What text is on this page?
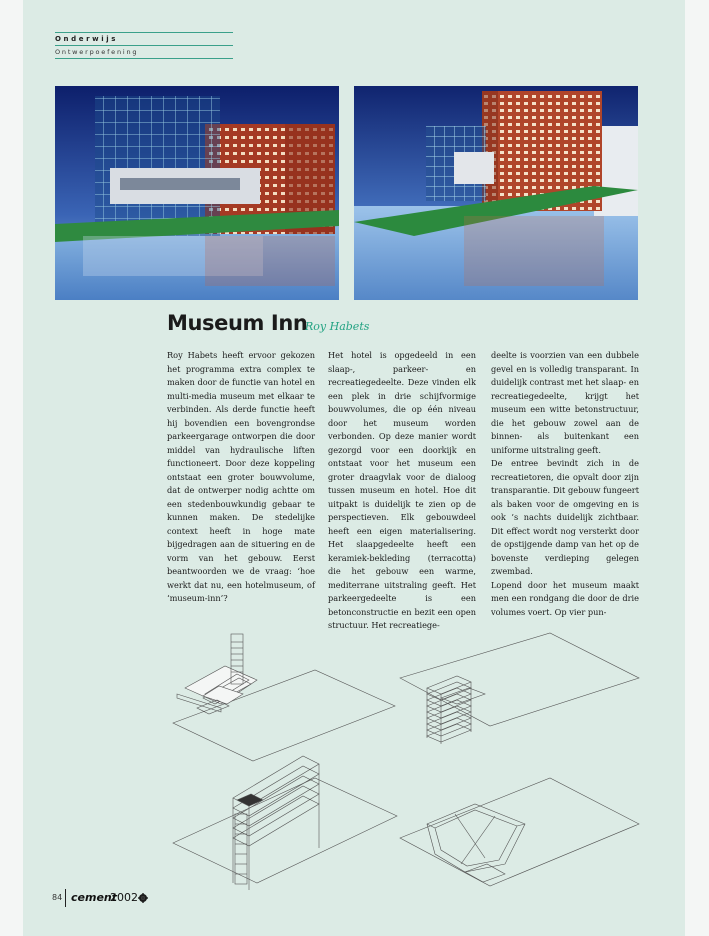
Onderwijs
Ontwerpoefening
Museum Inn
Roy Habets

Roy Habets heeft ervoor gekozen het programma extra complex te maken door de functie van hotel en multi-media museum met elkaar te verbinden. Als derde functie heeft hij bovendien een bovengrondse parkeergarage ontworpen die door middel van hydraulische liften functioneert. Door deze koppeling ontstaat een groter bouwvolume, dat de ontwerper nodig achtte om een stedenbouwkundig gebaar te kunnen maken. De stedelijke context heeft in hoge mate bijgedragen aan de situering en de vorm van het gebouw. Eerst beantwoorden we de vraag: ‘hoe werkt dat nu, een hotelmuseum, of ‘museum-inn’?

Het hotel is opgedeeld in een slaap-, parkeer- en recreatiegedeelte. Deze vinden elk een plek in drie schijfvormige bouwvolumes, die op één niveau door het museum worden verbonden. Op deze manier wordt gezorgd voor een doorkijk en ontstaat voor het museum een groter draagvlak voor de dialoog tussen museum en hotel. Hoe dit uitpakt is duidelijk te zien op de perspectieven. Elk gebouwdeel heeft een eigen materialisering. Het slaapgedeelte heeft een keramiek-bekleding (terracotta) die het gebouw een warme, mediterrane uitstraling geeft. Het parkeergedeelte is een betonconstructie en bezit een open structuur. Het recreatiege-

deelte is voorzien van een dubbele gevel en is volledig transparant. In duidelijk contrast met het slaap- en recreatiegedeelte, krijgt het museum een witte betonstructuur, die het gebouw zowel aan de binnen- als buitenkant een uniforme uitstraling geeft.

De entree bevindt zich in de recreatietoren, die opvalt door zijn transparantie. Dit gebouw fungeert als baken voor de omgeving en is ook ’s nachts duidelijk zichtbaar. Dit effect wordt nog versterkt door de opstijgende damp van het op de bovenste verdieping gelegen zwembad.

Lopend door het museum maakt men een rondgang die door de drie volumes voert. Op vier pun-

84 cement
2002
